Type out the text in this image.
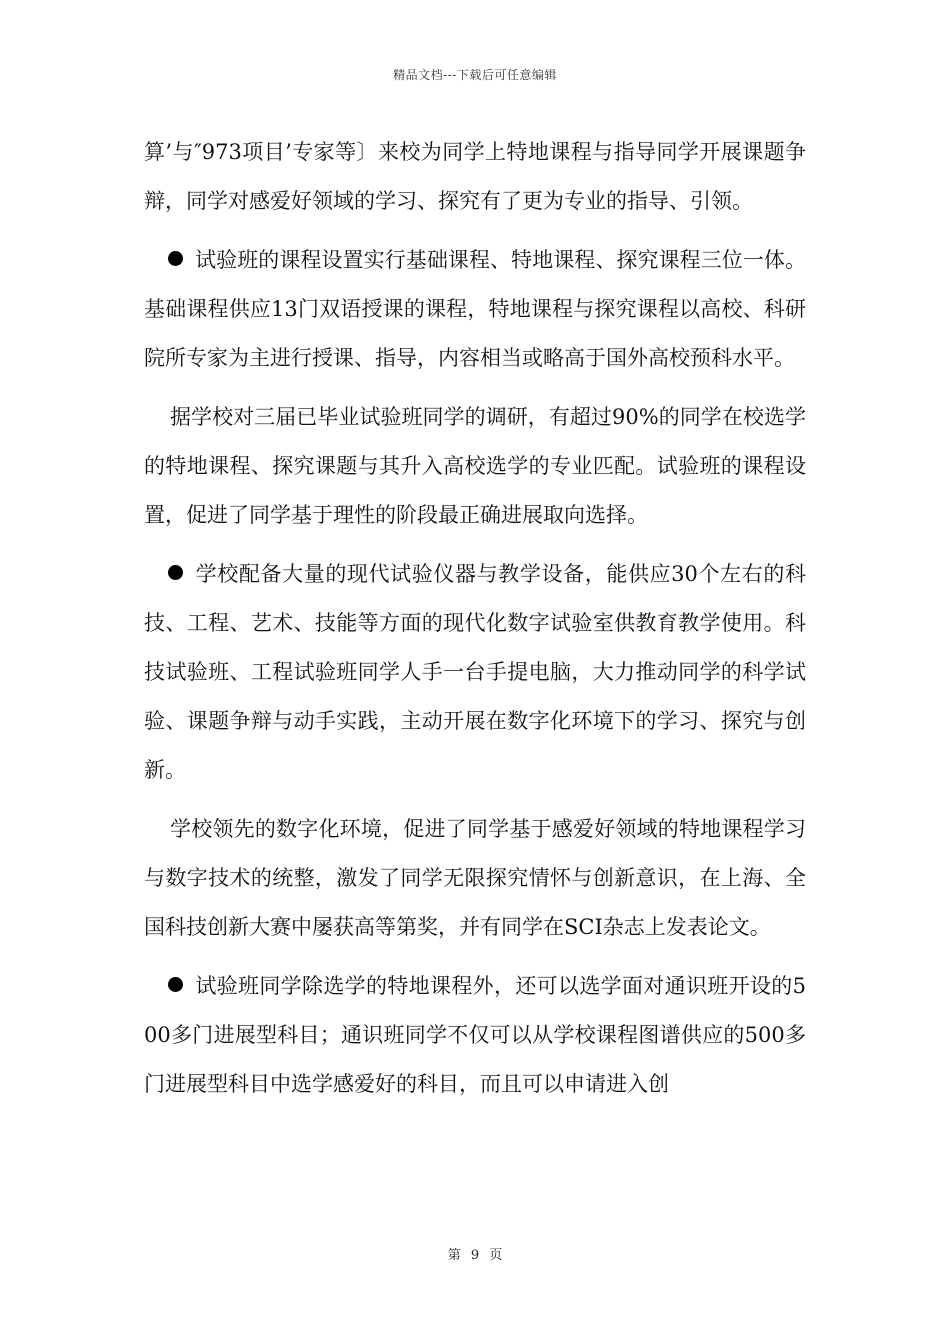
精品文档---下载后可任意编辑

算’与″973项目’专家等〕来校为同学上特地课程与指导同学开展课题争辩，同学对感爱好领域的学习、探究有了更为专业的指导、引领。

试验班的课程设置实行基础课程、特地课程、探究课程三位一体。基础课程供应13门双语授课的课程，特地课程与探究课程以高校、科研院所专家为主进行授课、指导，内容相当或略高于国外高校预科水平。

据学校对三届已毕业试验班同学的调研，有超过90%的同学在校选学的特地课程、探究课题与其升入高校选学的专业匹配。试验班的课程设置，促进了同学基于理性的阶段最正确进展取向选择。

学校配备大量的现代试验仪器与教学设备，能供应30个左右的科技、工程、艺术、技能等方面的现代化数字试验室供教育教学使用。科技试验班、工程试验班同学人手一台手提电脑，大力推动同学的科学试验、课题争辩与动手实践，主动开展在数字化环境下的学习、探究与创新。

学校领先的数字化环境，促进了同学基于感爱好领域的特地课程学习与数字技术的统整，激发了同学无限探究情怀与创新意识，在上海、全国科技创新大赛中屡获高等第奖，并有同学在SCI杂志上发表论文。

试验班同学除选学的特地课程外，还可以选学面对通识班开设的500多门进展型科目；通识班同学不仅可以从学校课程图谱供应的500多门进展型科目中选学感爱好的科目，而且可以申请进入创

第 9 页
